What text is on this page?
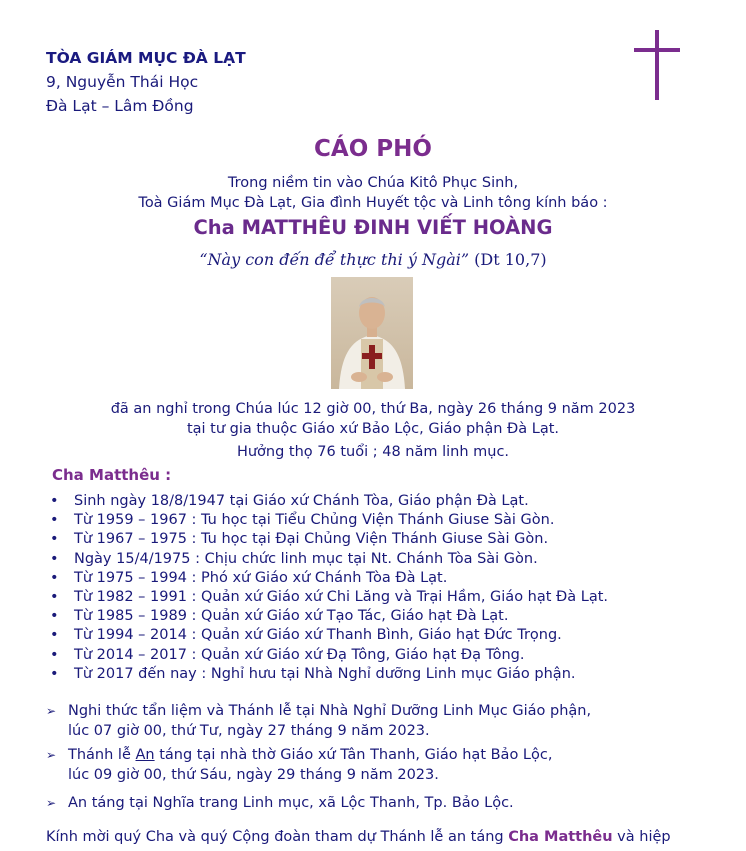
TÒA GIÁM MỤC ĐÀ LẠT
9, Nguyễn Thái Học
Đà Lạt – Lâm Đồng
CÁO PHÓ
Trong niềm tin vào Chúa Kitô Phục Sinh,
Toà Giám Mục Đà Lạt, Gia đình Huyết tộc và Linh tông kính báo :
Cha MATTHÊU ĐINH VIẾT HOÀNG
“Này con đến để thực thi ý Ngài” (Dt 10,7)
đã an nghỉ trong Chúa lúc 12 giờ 00, thứ Ba, ngày 26 tháng 9 năm 2023
tại tư gia thuộc Giáo xứ Bảo Lộc, Giáo phận Đà Lạt.
Hưởng thọ 76 tuổi ; 48 năm linh mục.
Cha Matthêu :
• Sinh ngày 18/8/1947 tại Giáo xứ Chánh Tòa, Giáo phận Đà Lạt.
• Từ 1959 – 1967 : Tu học tại Tiểu Chủng Viện Thánh Giuse Sài Gòn.
• Từ 1967 – 1975 : Tu học tại Đại Chủng Viện Thánh Giuse Sài Gòn.
• Ngày 15/4/1975 : Chịu chức linh mục tại Nt. Chánh Tòa Sài Gòn.
• Từ 1975 – 1994 : Phó xứ Giáo xứ Chánh Tòa Đà Lạt.
• Từ 1982 – 1991 : Quản xứ Giáo xứ Chi Lăng và Trại Hầm, Giáo hạt Đà Lạt.
• Từ 1985 – 1989 : Quản xứ Giáo xứ Tạo Tác, Giáo hạt Đà Lạt.
• Từ 1994 – 2014 : Quản xứ Giáo xứ Thanh Bình, Giáo hạt Đức Trọng.
• Từ 2014 – 2017 : Quản xứ Giáo xứ Đạ Tông, Giáo hạt Đạ Tông.
• Từ 2017 đến nay : Nghỉ hưu tại Nhà Nghỉ dưỡng Linh mục Giáo phận.
➢ Nghi thức tẩn liệm và Thánh lễ tại Nhà Nghỉ Dưỡng Linh Mục Giáo phận,
lúc 07 giờ 00, thứ Tư, ngày 27 tháng 9 năm 2023.
➢ Thánh lễ An táng tại nhà thờ Giáo xứ Tân Thanh, Giáo hạt Bảo Lộc,
lúc 09 giờ 00, thứ Sáu, ngày 29 tháng 9 năm 2023.
➢ An táng tại Nghĩa trang Linh mục, xã Lộc Thanh, Tp. Bảo Lộc.
Kính mời quý Cha và quý Cộng đoàn tham dự Thánh lễ an táng Cha Matthêu và hiệp
